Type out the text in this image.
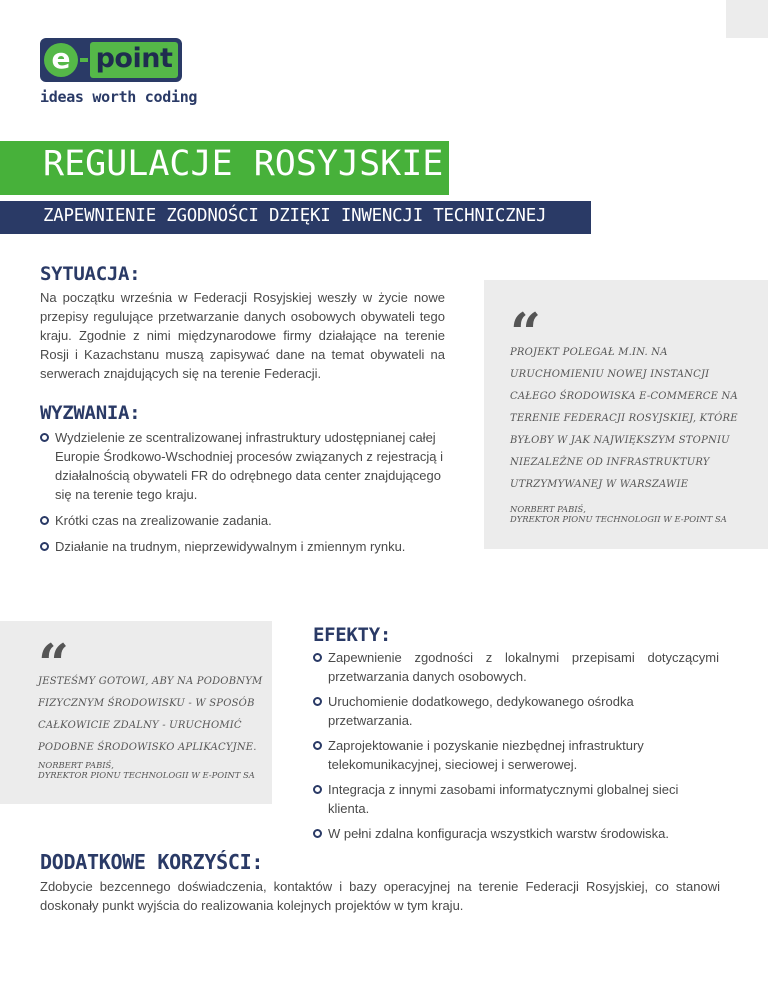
e point
ideas worth coding
REGULACJE ROSYJSKIE
ZAPEWNIENIE ZGODNOŚCI DZIĘKI INWENCJI TECHNICZNEJ
SYTUACJA:

Na początku września w Federacji Rosyjskiej weszły w życie nowe przepisy regulujące przetwarzanie danych osobowych obywateli tego kraju. Zgodnie z nimi międzynarodowe firmy działające na terenie Rosji i Kazachstanu muszą zapisywać dane na temat obywateli na serwerach znajdujących się na terenie Federacji.

WYZWANIA:
Wydzielenie ze scentralizowanej infrastruktury udostępnianej całej Europie Środkowo-Wschodniej procesów związanych z rejestracją i działalnością obywateli FR do odrębnego data center znajdującego się na terenie tego kraju.
Krótki czas na zrealizowanie zadania.
Działanie na trudnym, nieprzewidywalnym i zmiennym rynku.
“

PROJEKT POLEGAŁ M.IN. NA URUCHOMIENIU NOWEJ INSTANCJI CAŁEGO ŚRODOWISKA E-COMMERCE NA TERENIE FEDERACJI ROSYJSKIEJ, KTÓRE BYŁOBY W JAK NAJWIĘKSZYM STOPNIU NIEZALEŻNE OD INFRASTRUKTURY UTRZYMYWANEJ W WARSZAWIE

NORBERT PABIŚ,
DYREKTOR PIONU TECHNOLOGII W E-POINT SA
“

JESTEŚMY GOTOWI, ABY NA PODOBNYM FIZYCZNYM ŚRODOWISKU - W SPOSÓB CAŁKOWICIE ZDALNY - URUCHOMIĆ PODOBNE ŚRODOWISKO APLIKACYJNE.

NORBERT PABIŚ,
DYREKTOR PIONU TECHNOLOGII W E-POINT SA
EFEKTY:
Zapewnienie zgodności z lokalnymi przepisami dotyczącymi przetwarzania danych osobowych.
Uruchomienie dodatkowego, dedykowanego ośrodka przetwarzania.
Zaprojektowanie i pozyskanie niezbędnej infrastruktury telekomunikacyjnej, sieciowej i serwerowej.
Integracja z innymi zasobami informatycznymi globalnej sieci klienta.
W pełni zdalna konfiguracja wszystkich warstw środowiska.
DODATKOWE KORZYŚCI:

Zdobycie bezcennego doświadczenia, kontaktów i bazy operacyjnej na terenie Federacji Rosyjskiej, co stanowi doskonały punkt wyjścia do realizowania kolejnych projektów w tym kraju.
